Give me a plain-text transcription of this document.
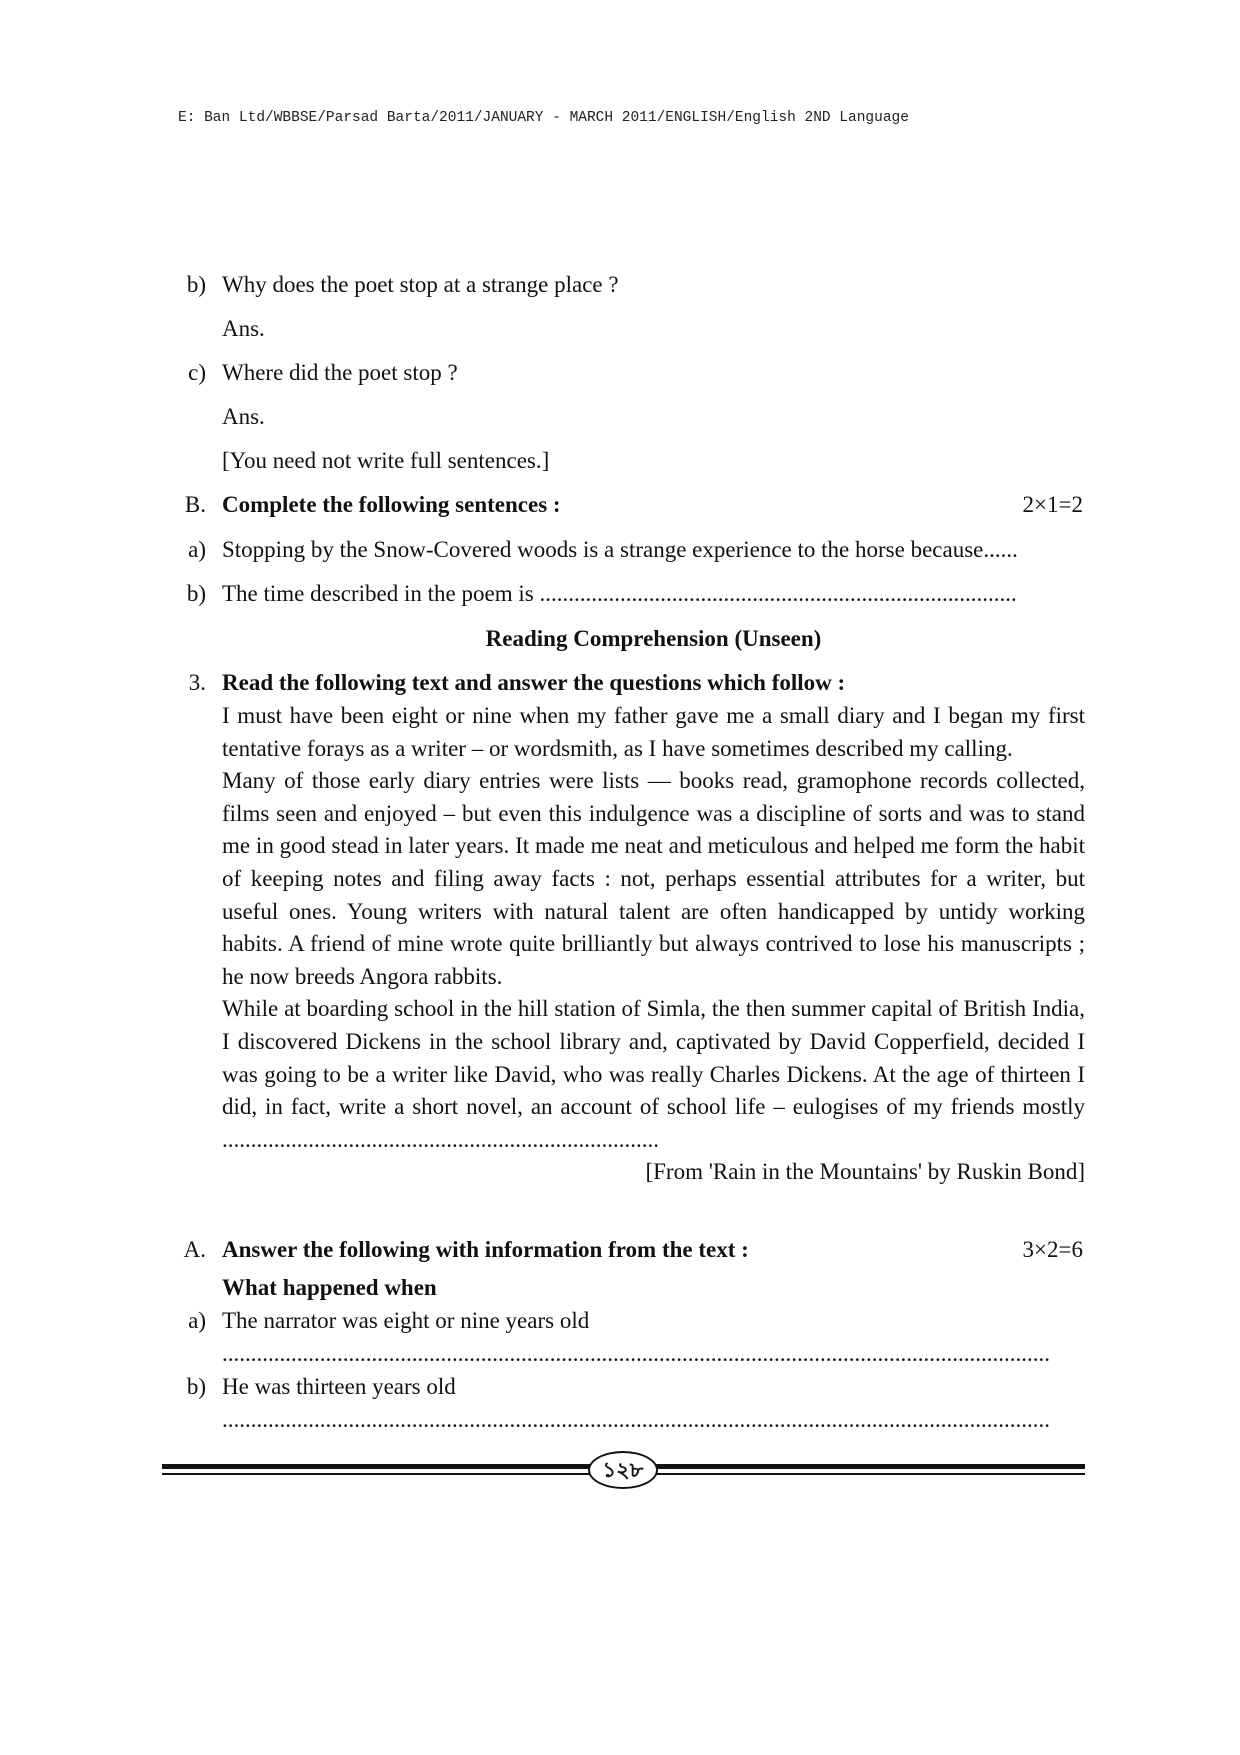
E: Ban Ltd/WBBSE/Parsad Barta/2011/JANUARY - MARCH 2011/ENGLISH/English 2ND Language
b) Why does the poet stop at a strange place ?
Ans.
c) Where did the poet stop ?
Ans.
[You need not write full sentences.]
B. Complete the following sentences :	2×1=2
a) Stopping by the Snow-Covered woods is a strange experience to the horse because......
b) The time described in the poem is ...................................................................................
Reading Comprehension (Unseen)
3. Read the following text and answer the questions which follow :

I must have been eight or nine when my father gave me a small diary and I began my first tentative forays as a writer – or wordsmith, as I have sometimes described my calling.

Many of those early diary entries were lists — books read, gramophone records collected, films seen and enjoyed – but even this indulgence was a discipline of sorts and was to stand me in good stead in later years. It made me neat and meticulous and helped me form the habit of keeping notes and filing away facts : not, perhaps essential attributes for a writer, but useful ones. Young writers with natural talent are often handicapped by untidy working habits. A friend of mine wrote quite brilliantly but always contrived to lose his manuscripts ; he now breeds Angora rabbits.

While at boarding school in the hill station of Simla, the then summer capital of British India, I discovered Dickens in the school library and, captivated by David Copperfield, decided I was going to be a writer like David, who was really Charles Dickens. At the age of thirteen I did, in fact, write a short novel, an account of school life – eulogises of my friends mostly ............................................................................

[From 'Rain in the Mountains' by Ruskin Bond]

A. Answer the following with information from the text :	3×2=6
What happened when
a) The narrator was eight or nine years old
................................................................................................................................................
b) He was thirteen years old
................................................................................................................................................
১২৮
